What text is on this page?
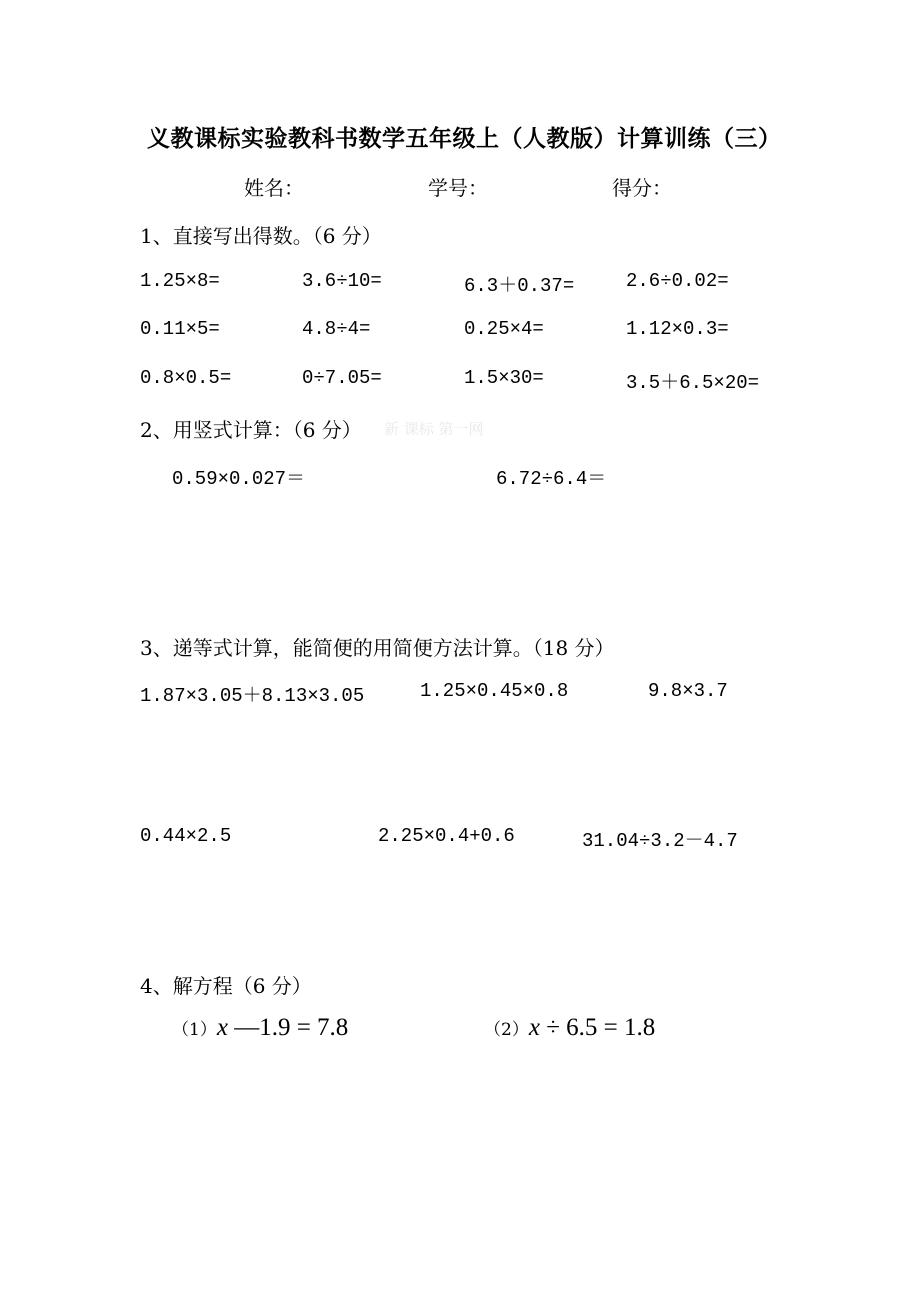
义教课标实验教科书数学五年级上（人教版）计算训练（三）
姓名：	学号：	得分：
1、直接写出得数。（6 分）
1.25×8=	3.6÷10=	6.3＋0.37=	2.6÷0.02=
0.11×5=	4.8÷4=	0.25×4=	1.12×0.3=
0.8×0.5=	0÷7.05=	1.5×30=	3.5＋6.5×20=
2、用竖式计算：（6 分） 新 课标 第一网
0.59×0.027＝	6.72÷6.4＝
3、递等式计算，能简便的用简便方法计算。（18 分）
1.87×3.05＋8.13×3.05	1.25×0.45×0.8	9.8×3.7
0.44×2.5	2.25×0.4+0.6	31.04÷3.2－4.7
4、解方程（6 分）
（1）x —1.9 = 7.8	（2）x ÷ 6.5 = 1.8
